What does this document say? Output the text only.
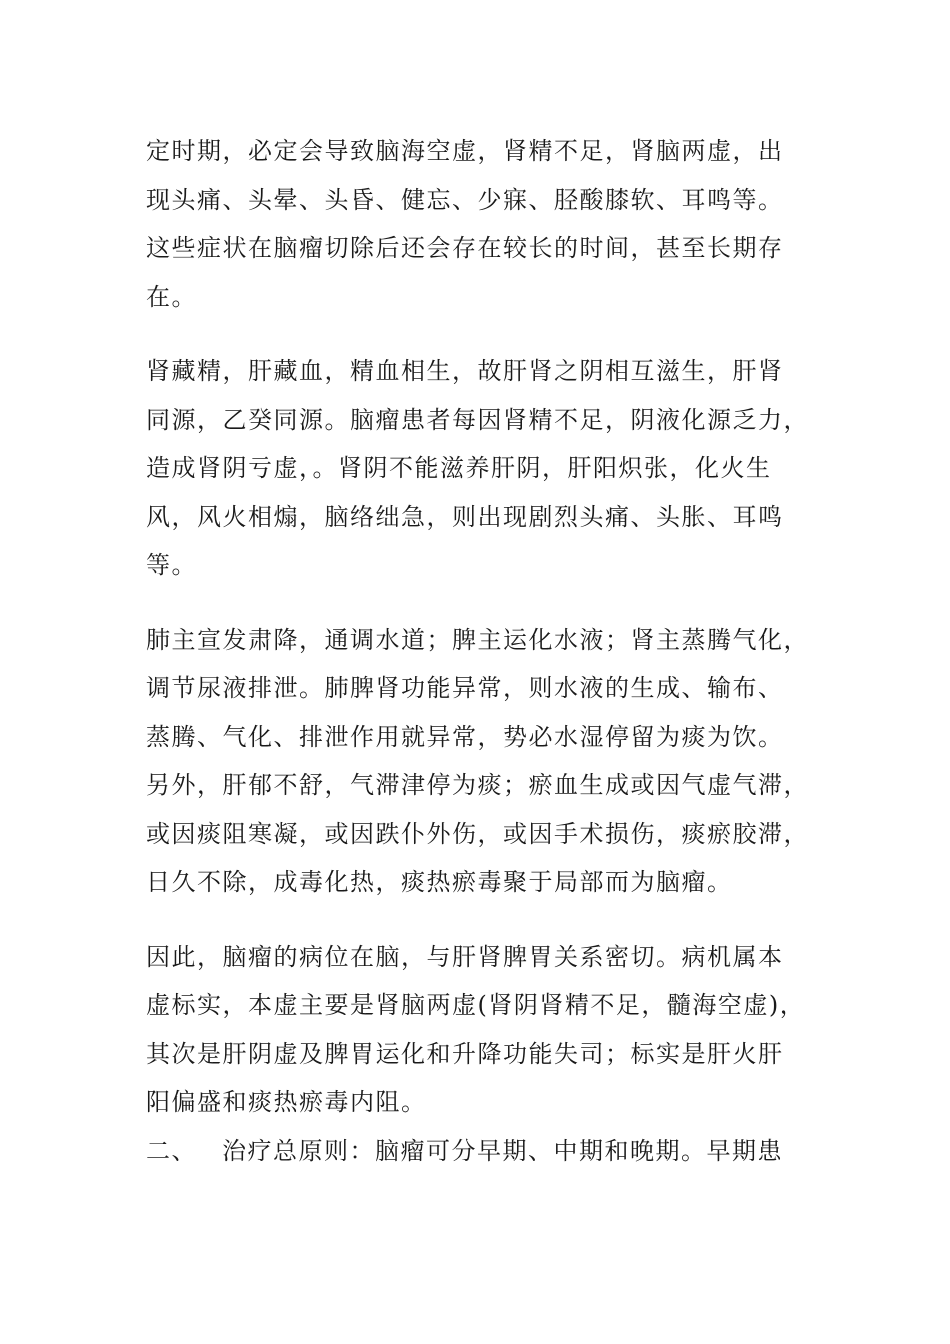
定时期，必定会导致脑海空虚，肾精不足，肾脑两虚，出
现头痛、头晕、头昏、健忘、少寐、胫酸膝软、耳鸣等。
这些症状在脑瘤切除后还会存在较长的时间，甚至长期存
在。
肾藏精，肝藏血，精血相生，故肝肾之阴相互滋生，肝肾
同源，乙癸同源。脑瘤患者每因肾精不足，阴液化源乏力，
造成肾阴亏虚，。肾阴不能滋养肝阴，肝阳炽张，化火生
风，风火相煽，脑络绌急，则出现剧烈头痛、头胀、耳鸣
等。
肺主宣发肃降，通调水道；脾主运化水液；肾主蒸腾气化，
调节尿液排泄。肺脾肾功能异常，则水液的生成、输布、
蒸腾、气化、排泄作用就异常，势必水湿停留为痰为饮。
另外，肝郁不舒，气滞津停为痰；瘀血生成或因气虚气滞，
或因痰阻寒凝，或因跌仆外伤，或因手术损伤，痰瘀胶滞，
日久不除，成毒化热，痰热瘀毒聚于局部而为脑瘤。
因此，脑瘤的病位在脑，与肝肾脾胃关系密切。病机属本
虚标实，本虚主要是肾脑两虚(肾阴肾精不足，髓海空虚)，
其次是肝阴虚及脾胃运化和升降功能失司；标实是肝火肝
阳偏盛和痰热瘀毒内阻。
二、 治疗总原则：脑瘤可分早期、中期和晚期。早期患
